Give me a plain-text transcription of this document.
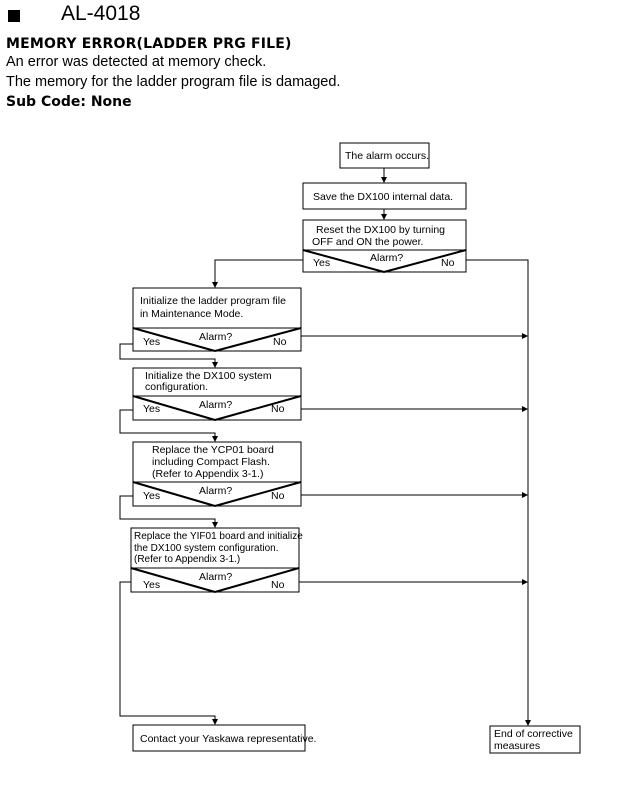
AL-4018
MEMORY ERROR(LADDER PRG FILE)
An error was detected at memory check.
The memory for the ladder program file is damaged.
Sub Code: None
The alarm occurs.
Save the DX100 internal data.
Reset the DX100 by turning
OFF and ON the power.
Alarm?
Yes	No
Initialize the ladder program file
in Maintenance Mode.
Alarm?
Yes	No
Initialize the DX100 system
configuration.
Alarm?
Yes	No
Replace the YCP01 board
including Compact Flash.
(Refer to Appendix 3-1.)
Alarm?
Yes	No
Replace the YIF01 board and initialize
the DX100 system configuration.
(Refer to Appendix 3-1.)
Alarm?
Yes	No
Contact your Yaskawa representative.	End of corrective
measures
